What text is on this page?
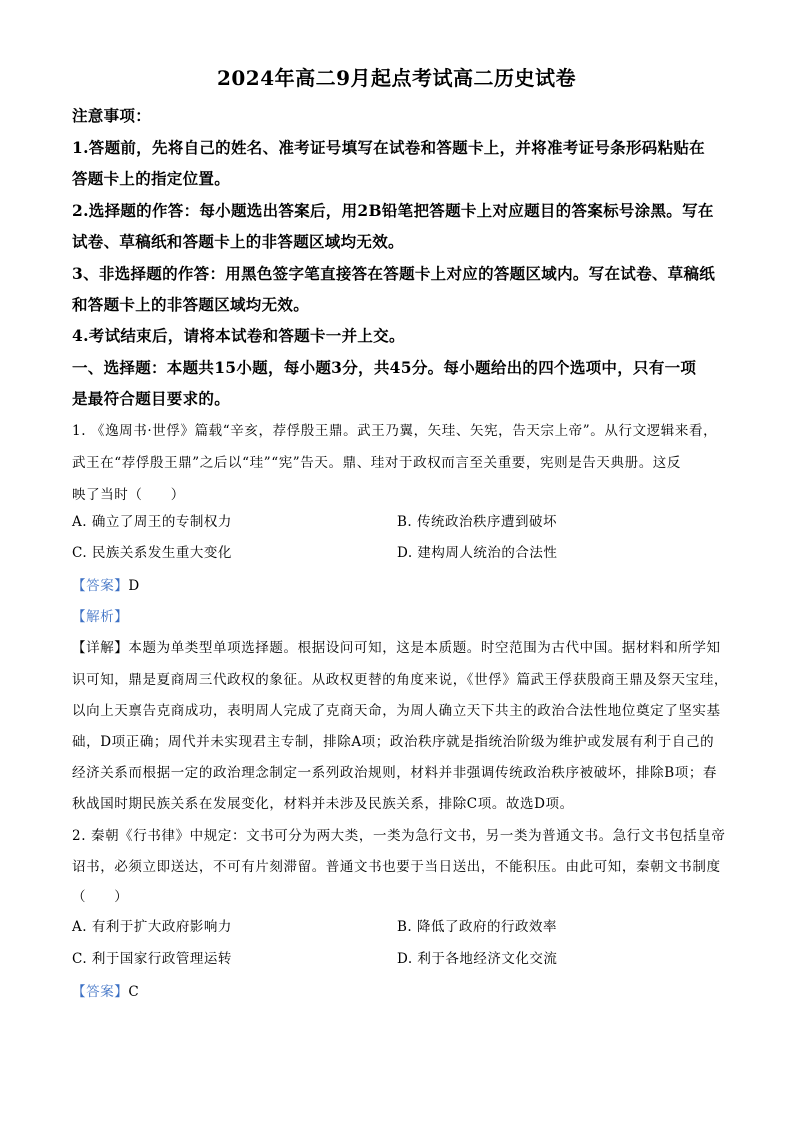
2024年高二9月起点考试高二历史试卷
注意事项：
1.答题前，先将自己的姓名、准考证号填写在试卷和答题卡上，并将准考证号条形码粘贴在
答题卡上的指定位置。
2.选择题的作答：每小题选出答案后，用2B铅笔把答题卡上对应题目的答案标号涂黑。写在
试卷、草稿纸和答题卡上的非答题区域均无效。
3、非选择题的作答：用黑色签字笔直接答在答题卡上对应的答题区域内。写在试卷、草稿纸
和答题卡上的非答题区域均无效。
4.考试结束后，请将本试卷和答题卡一并上交。
一、选择题：本题共15小题，每小题3分，共45分。每小题给出的四个选项中，只有一项
是最符合题目要求的。
1. 《逸周书·世俘》篇载“辛亥，荐俘殷王鼎。武王乃翼，矢珪、矢宪，告天宗上帝”。从行文逻辑来看，
武王在“荐俘殷王鼎”之后以“珪”“宪”告天。鼎、珪对于政权而言至关重要，宪则是告天典册。这反
映了当时（　　）
A. 确立了周王的专制权力	B. 传统政治秩序遭到破坏
C. 民族关系发生重大变化	D. 建构周人统治的合法性
【答案】D
【解析】
【详解】本题为单类型单项选择题。根据设问可知，这是本质题。时空范围为古代中国。据材料和所学知
识可知，鼎是夏商周三代政权的象征。从政权更替的角度来说，《世俘》篇武王俘获殷商王鼎及祭天宝珪，
以向上天禀告克商成功，表明周人完成了克商天命，为周人确立天下共主的政治合法性地位奠定了坚实基
础，D项正确；周代并未实现君主专制，排除A项；政治秩序就是指统治阶级为维护或发展有利于自己的
经济关系而根据一定的政治理念制定一系列政治规则，材料并非强调传统政治秩序被破坏，排除B项；春
秋战国时期民族关系在发展变化，材料并未涉及民族关系，排除C项。故选D项。
2. 秦朝《行书律》中规定：文书可分为两大类，一类为急行文书，另一类为普通文书。急行文书包括皇帝
诏书，必须立即送达，不可有片刻滞留。普通文书也要于当日送出，不能积压。由此可知，秦朝文书制度
（　　）
A. 有利于扩大政府影响力	B. 降低了政府的行政效率
C. 利于国家行政管理运转	D. 利于各地经济文化交流
【答案】C
